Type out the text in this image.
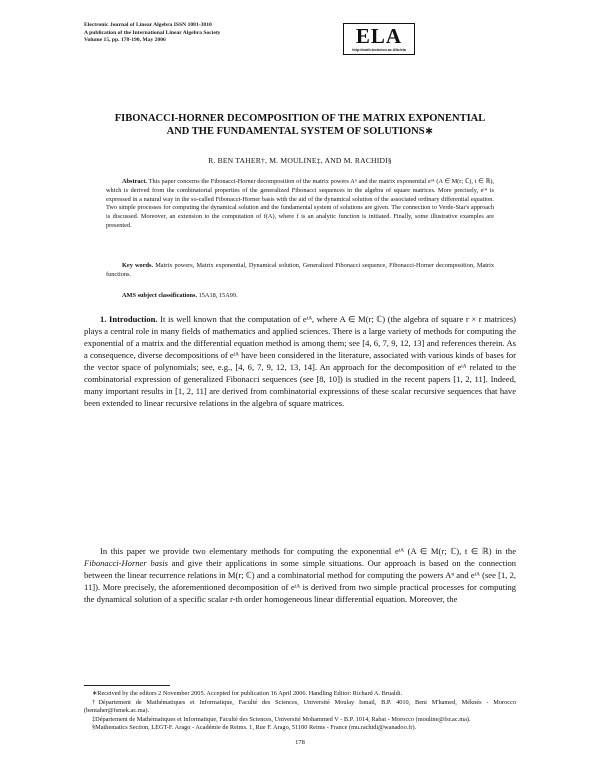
Electronic Journal of Linear Algebra ISSN 1081-3810
A publication of the International Linear Algebra Society
Volume 15, pp. 178-190, May 2006	ELA
http://math.technion.ac.il/iic/ela
FIBONACCI-HORNER DECOMPOSITION OF THE MATRIX EXPONENTIAL AND THE FUNDAMENTAL SYSTEM OF SOLUTIONS∗
R. BEN TAHER†, M. MOULINE‡, AND M. RACHIDI§

Abstract. This paper concerns the Fibonacci-Horner decomposition of the matrix powers Aⁿ and the matrix exponential eᵗᴬ (A ∈ M(r; ℂ), t ∈ ℝ), which is derived from the combinatorial properties of the generalized Fibonacci sequences in the algebra of square matrices. More precisely, eᵗᴬ is expressed in a natural way in the so-called Fibonacci-Horner basis with the aid of the dynamical solution of the associated ordinary differential equation. Two simple processes for computing the dynamical solution and the fundamental system of solutions are given. The connection to Verde-Star's approach is discussed. Moreover, an extension to the computation of f(A), where f is an analytic function is initiated. Finally, some illustrative examples are presented.

Key words. Matrix powers, Matrix exponential, Dynamical solution, Generalized Fibonacci sequence, Fibonacci-Horner decomposition, Matrix functions.

AMS subject classifications. 15A18, 15A99.

1. Introduction. It is well known that the computation of eᵗᴬ, where A ∈ M(r; ℂ) (the algebra of square r × r matrices) plays a central role in many fields of mathematics and applied sciences. There is a large variety of methods for computing the exponential of a matrix and the differential equation method is among them; see [4, 6, 7, 9, 12, 13] and references therein. As a consequence, diverse decompositions of eᵗᴬ have been considered in the literature, associated with various kinds of bases for the vector space of polynomials; see, e.g., [4, 6, 7, 9, 12, 13, 14]. An approach for the decomposition of eᵗᴬ related to the combinatorial expression of generalized Fibonacci sequences (see [8, 10]) is studied in the recent papers [1, 2, 11]. Indeed, many important results in [1, 2, 11] are derived from combinatorial expressions of these scalar recursive sequences that have been extended to linear recursive relations in the algebra of square matrices.

In this paper we provide two elementary methods for computing the exponential eᵗᴬ (A ∈ M(r; ℂ), t ∈ ℝ) in the Fibonacci-Horner basis and give their applications in some simple situations. Our approach is based on the connection between the linear recurrence relations in M(r; ℂ) and a combinatorial method for computing the powers Aⁿ and eᵗᴬ (see [1, 2, 11]). More precisely, the aforementioned decomposition of eᵗᴬ is derived from two simple practical processes for computing the dynamical solution of a specific scalar r-th order homogeneous linear differential equation. Moreover, the

∗Received by the editors 2 November 2005. Accepted for publication 16 April 2006. Handling Editor: Richard A. Brualdi.

†Département de Mathématiques et Informatique, Faculté des Sciences, Université Moulay Ismail, B.P. 4010, Beni M'hamed, Méknés - Morocco (bentaher@fsmek.ac.ma).

‡Département de Mathématiques et Informatique, Faculté des Sciences, Université Mohammed V - B.P. 1014, Rabat - Morocco (mouline@fsr.ac.ma).

§Mathematics Section, LEGT-F. Arago - Académie de Reims. 1, Rue F. Arago, 51100 Reims - France (mu.rachidi@wanadoo.fr).

178
